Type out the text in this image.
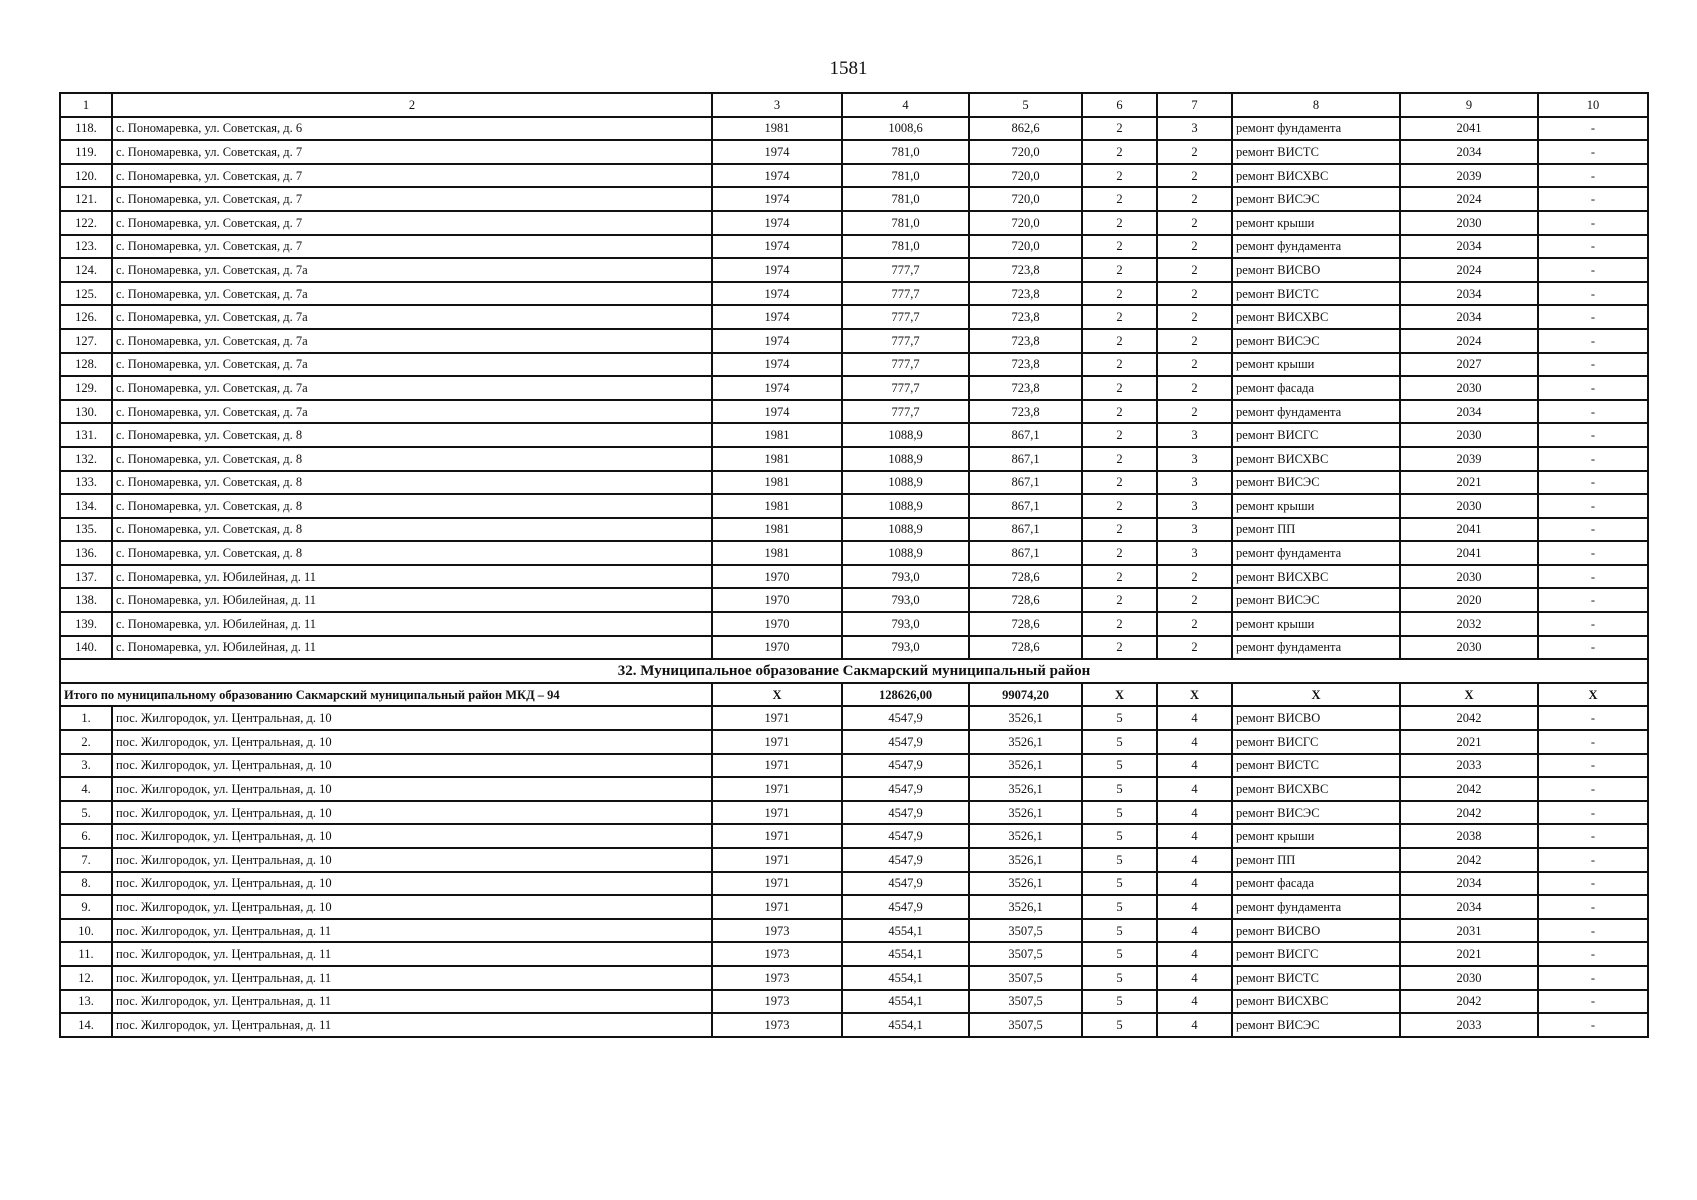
1581
1	2	3	4	5	6	7	8	9	10
118.	с. Пономаревка, ул. Советская, д. 6	1981	1008,6	862,6	2	3	ремонт фундамента	2041	-
119.	с. Пономаревка, ул. Советская, д. 7	1974	781,0	720,0	2	2	ремонт ВИСТС	2034	-
120.	с. Пономаревка, ул. Советская, д. 7	1974	781,0	720,0	2	2	ремонт ВИСХВС	2039	-
121.	с. Пономаревка, ул. Советская, д. 7	1974	781,0	720,0	2	2	ремонт ВИСЭС	2024	-
122.	с. Пономаревка, ул. Советская, д. 7	1974	781,0	720,0	2	2	ремонт крыши	2030	-
123.	с. Пономаревка, ул. Советская, д. 7	1974	781,0	720,0	2	2	ремонт фундамента	2034	-
124.	с. Пономаревка, ул. Советская, д. 7а	1974	777,7	723,8	2	2	ремонт ВИСВО	2024	-
125.	с. Пономаревка, ул. Советская, д. 7а	1974	777,7	723,8	2	2	ремонт ВИСТС	2034	-
126.	с. Пономаревка, ул. Советская, д. 7а	1974	777,7	723,8	2	2	ремонт ВИСХВС	2034	-
127.	с. Пономаревка, ул. Советская, д. 7а	1974	777,7	723,8	2	2	ремонт ВИСЭС	2024	-
128.	с. Пономаревка, ул. Советская, д. 7а	1974	777,7	723,8	2	2	ремонт крыши	2027	-
129.	с. Пономаревка, ул. Советская, д. 7а	1974	777,7	723,8	2	2	ремонт фасада	2030	-
130.	с. Пономаревка, ул. Советская, д. 7а	1974	777,7	723,8	2	2	ремонт фундамента	2034	-
131.	с. Пономаревка, ул. Советская, д. 8	1981	1088,9	867,1	2	3	ремонт ВИСГС	2030	-
132.	с. Пономаревка, ул. Советская, д. 8	1981	1088,9	867,1	2	3	ремонт ВИСХВС	2039	-
133.	с. Пономаревка, ул. Советская, д. 8	1981	1088,9	867,1	2	3	ремонт ВИСЭС	2021	-
134.	с. Пономаревка, ул. Советская, д. 8	1981	1088,9	867,1	2	3	ремонт крыши	2030	-
135.	с. Пономаревка, ул. Советская, д. 8	1981	1088,9	867,1	2	3	ремонт ПП	2041	-
136.	с. Пономаревка, ул. Советская, д. 8	1981	1088,9	867,1	2	3	ремонт фундамента	2041	-
137.	с. Пономаревка, ул. Юбилейная, д. 11	1970	793,0	728,6	2	2	ремонт ВИСХВС	2030	-
138.	с. Пономаревка, ул. Юбилейная, д. 11	1970	793,0	728,6	2	2	ремонт ВИСЭС	2020	-
139.	с. Пономаревка, ул. Юбилейная, д. 11	1970	793,0	728,6	2	2	ремонт крыши	2032	-
140.	с. Пономаревка, ул. Юбилейная, д. 11	1970	793,0	728,6	2	2	ремонт фундамента	2030	-
32. Муниципальное образование Сакмарский муниципальный район									
Итого по муниципальному образованию Сакмарский муниципальный район МКД – 94		Х	128626,00	99074,20	Х	Х	Х	Х	Х
1.	пос. Жилгородок, ул. Центральная, д. 10	1971	4547,9	3526,1	5	4	ремонт ВИСВО	2042	-
2.	пос. Жилгородок, ул. Центральная, д. 10	1971	4547,9	3526,1	5	4	ремонт ВИСГС	2021	-
3.	пос. Жилгородок, ул. Центральная, д. 10	1971	4547,9	3526,1	5	4	ремонт ВИСТС	2033	-
4.	пос. Жилгородок, ул. Центральная, д. 10	1971	4547,9	3526,1	5	4	ремонт ВИСХВС	2042	-
5.	пос. Жилгородок, ул. Центральная, д. 10	1971	4547,9	3526,1	5	4	ремонт ВИСЭС	2042	-
6.	пос. Жилгородок, ул. Центральная, д. 10	1971	4547,9	3526,1	5	4	ремонт крыши	2038	-
7.	пос. Жилгородок, ул. Центральная, д. 10	1971	4547,9	3526,1	5	4	ремонт ПП	2042	-
8.	пос. Жилгородок, ул. Центральная, д. 10	1971	4547,9	3526,1	5	4	ремонт фасада	2034	-
9.	пос. Жилгородок, ул. Центральная, д. 10	1971	4547,9	3526,1	5	4	ремонт фундамента	2034	-
10.	пос. Жилгородок, ул. Центральная, д. 11	1973	4554,1	3507,5	5	4	ремонт ВИСВО	2031	-
11.	пос. Жилгородок, ул. Центральная, д. 11	1973	4554,1	3507,5	5	4	ремонт ВИСГС	2021	-
12.	пос. Жилгородок, ул. Центральная, д. 11	1973	4554,1	3507,5	5	4	ремонт ВИСТС	2030	-
13.	пос. Жилгородок, ул. Центральная, д. 11	1973	4554,1	3507,5	5	4	ремонт ВИСХВС	2042	-
14.	пос. Жилгородок, ул. Центральная, д. 11	1973	4554,1	3507,5	5	4	ремонт ВИСЭС	2033	-
